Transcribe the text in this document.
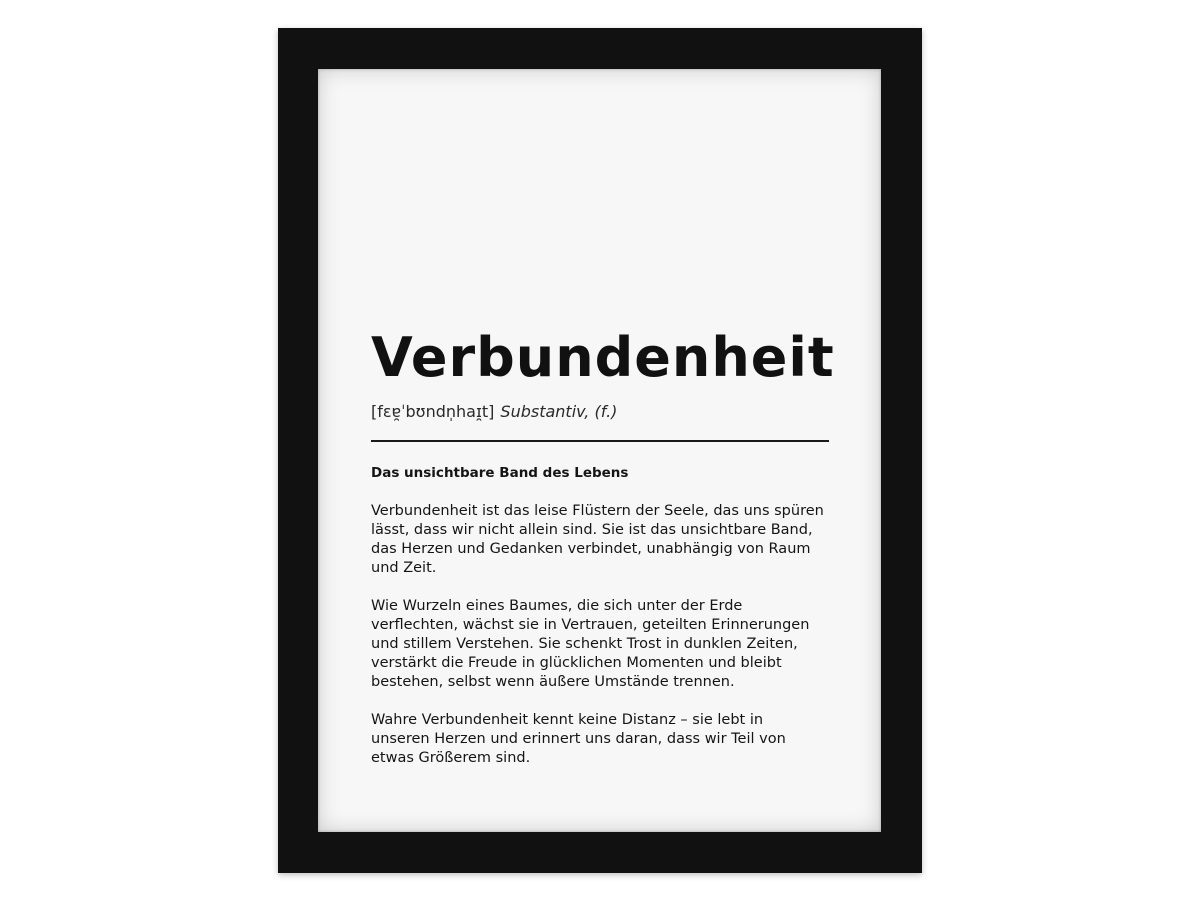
Verbundenheit
[fɛɐ̯ˈbʊndn̩haɪ̯t] Substantiv, (f.)
Das unsichtbare Band des Lebens
Verbundenheit ist das leise Flüstern der Seele, das uns spüren
lässt, dass wir nicht allein sind. Sie ist das unsichtbare Band,
das Herzen und Gedanken verbindet, unabhängig von Raum
und Zeit.
Wie Wurzeln eines Baumes, die sich unter der Erde
verflechten, wächst sie in Vertrauen, geteilten Erinnerungen
und stillem Verstehen. Sie schenkt Trost in dunklen Zeiten,
verstärkt die Freude in glücklichen Momenten und bleibt
bestehen, selbst wenn äußere Umstände trennen.
Wahre Verbundenheit kennt keine Distanz – sie lebt in
unseren Herzen und erinnert uns daran, dass wir Teil von
etwas Größerem sind.
